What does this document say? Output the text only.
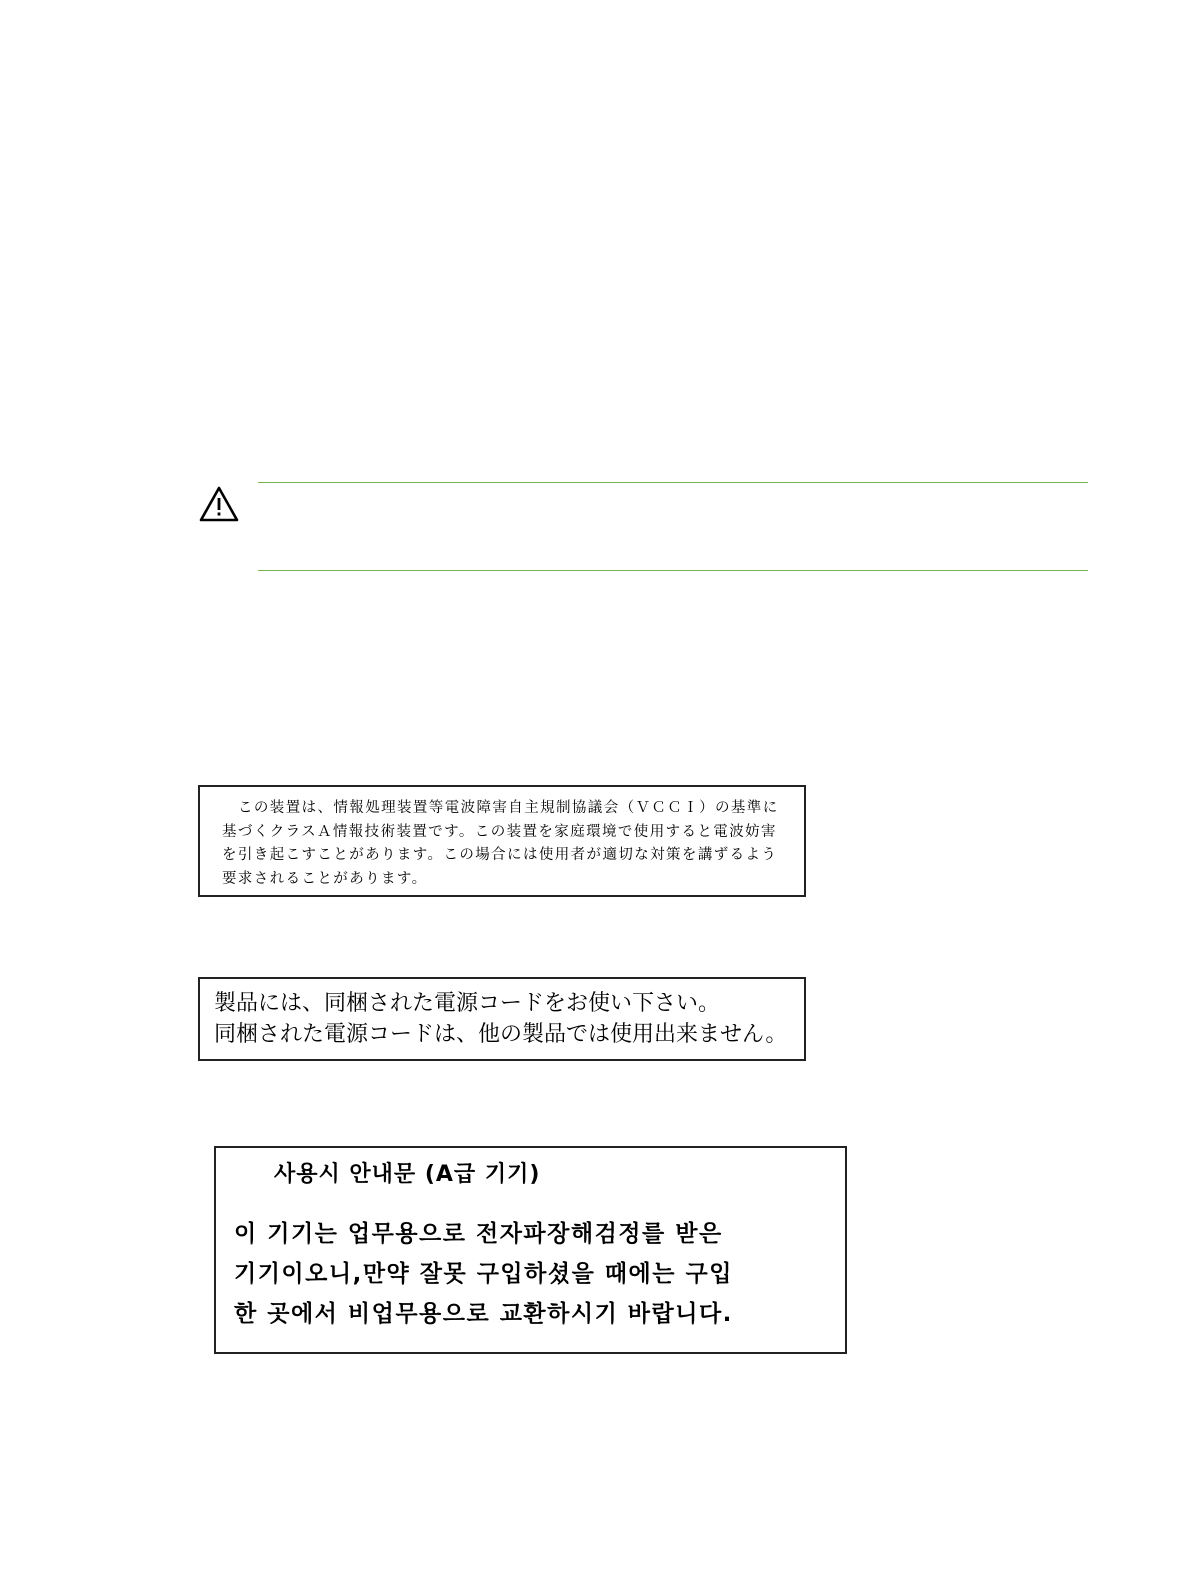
この装置は、情報処理装置等電波障害自主規制協議会（ＶＣＣＩ）の基準に基づくクラスＡ情報技術装置です。この装置を家庭環境で使用すると電波妨害を引き起こすことがあります。この場合には使用者が適切な対策を講ずるよう要求されることがあります。

製品には、同梱された電源コードをお使い下さい。
同梱された電源コードは、他の製品では使用出来ません。
사용시 안내문 (A급 기기)
이 기기는 업무용으로 전자파장해검정를 받은
기기이오니,만약 잘못 구입하셨을 때에는 구입
한 곳에서 비업무용으로 교환하시기 바랍니다.
